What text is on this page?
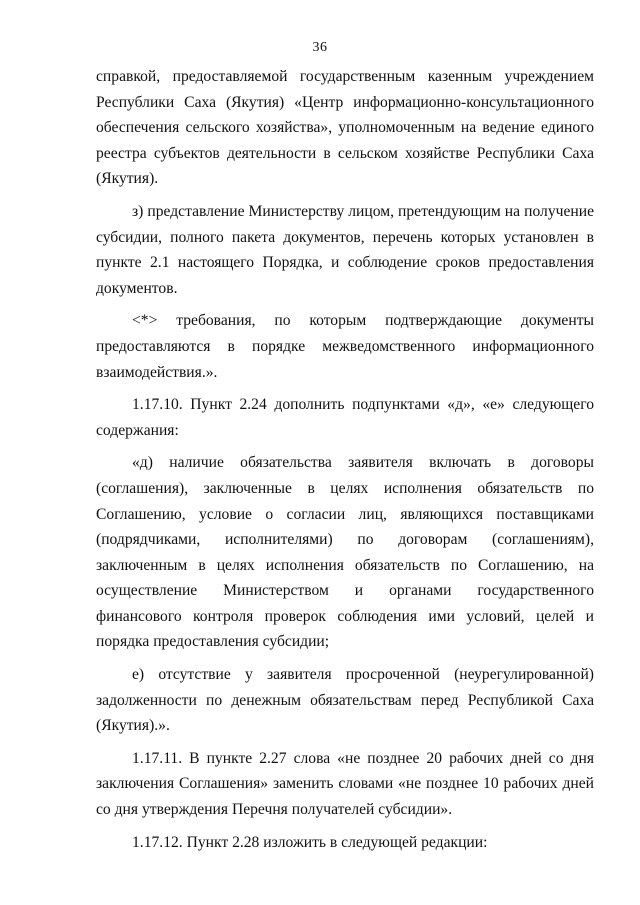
36

справкой, предоставляемой государственным казенным учреждением Республики Саха (Якутия) «Центр информационно-консультационного обеспечения сельского хозяйства», уполномоченным на ведение единого реестра субъектов деятельности в сельском хозяйстве Республики Саха (Якутия).

з) представление Министерству лицом, претендующим на получение субсидии, полного пакета документов, перечень которых установлен в пункте 2.1 настоящего Порядка, и соблюдение сроков предоставления документов.

<*> требования, по которым подтверждающие документы предоставляются в порядке межведомственного информационного взаимодействия.».

1.17.10. Пункт 2.24 дополнить подпунктами «д», «е» следующего содержания:

«д) наличие обязательства заявителя включать в договоры (соглашения), заключенные в целях исполнения обязательств по Соглашению, условие о согласии лиц, являющихся поставщиками (подрядчиками, исполнителями) по договорам (соглашениям), заключенным в целях исполнения обязательств по Соглашению, на осуществление Министерством и органами государственного финансового контроля проверок соблюдения ими условий, целей и порядка предоставления субсидии;

е) отсутствие у заявителя просроченной (неурегулированной) задолженности по денежным обязательствам перед Республикой Саха (Якутия).».

1.17.11. В пункте 2.27 слова «не позднее 20 рабочих дней со дня заключения Соглашения» заменить словами «не позднее 10 рабочих дней со дня утверждения Перечня получателей субсидии».

1.17.12. Пункт 2.28 изложить в следующей редакции:
